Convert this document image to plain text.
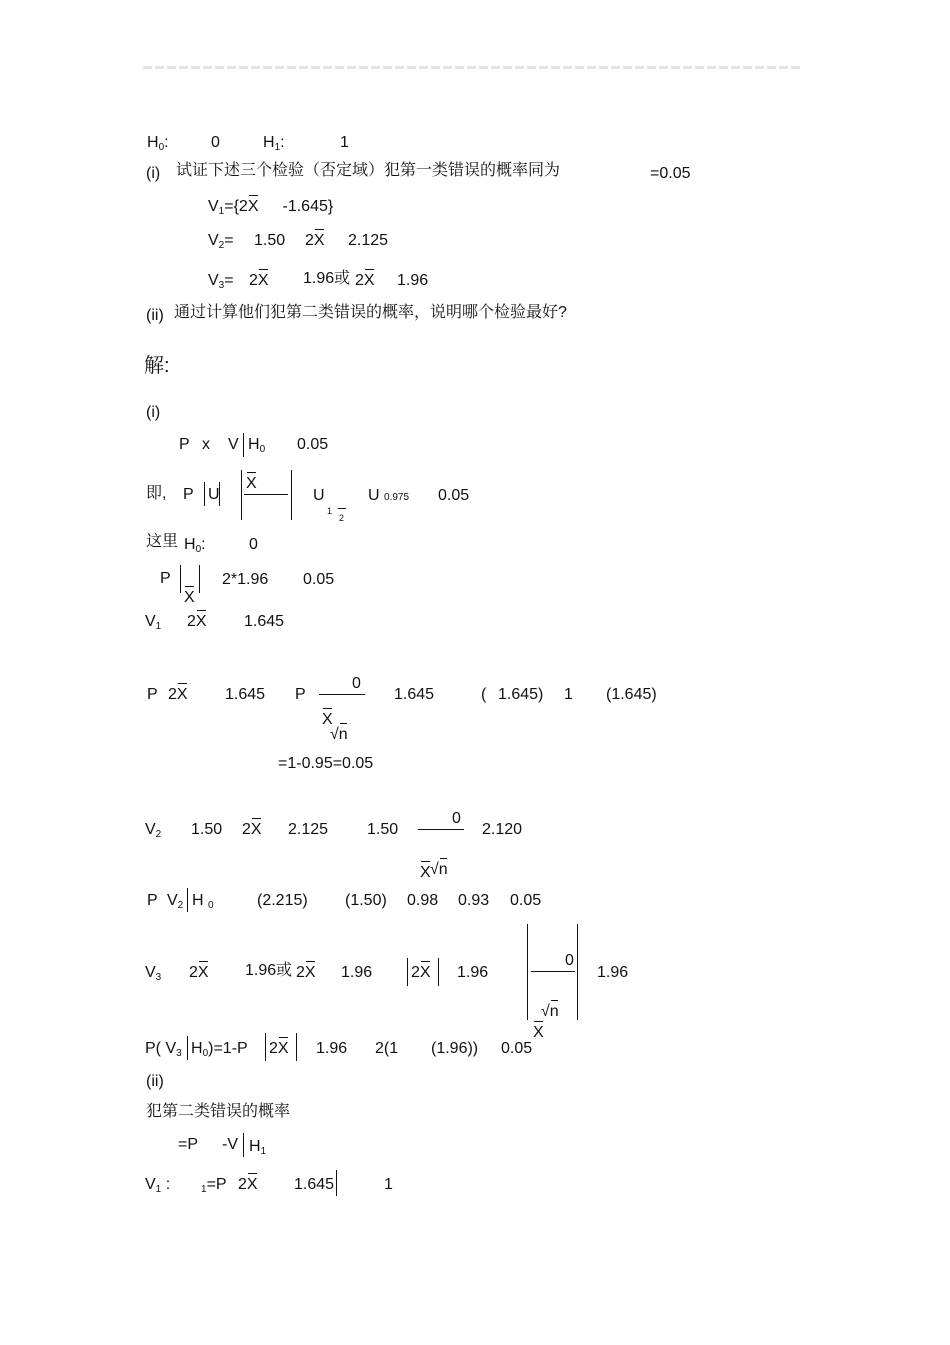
H0:	0	H1:	1
(i) 试证下述三个检验（否定域）犯第一类错误的概率同为	=0.05
V1={2X -1.645}
V2= 1.50 2X 2.125
V3= 2X 1.96或 2X 1.96
(ii) 通过计算他们犯第二类错误的概率，说明哪个检验最好?
解:
(i)
P x V H0 0.05
即, P U
X
U
1
2
U 0.975 0.05
这里 H0:	0
P
X
2*1.96 0.05
V1 2X 1.645
P 2X 1.645 P
X
0
√n
1.645	( 1.645) 1 (1.645)
=1-0.95=0.05
V2 1.50 2X 2.125 1.50
X
0
√n
2.120
P V2 H 0	(2.215) (1.50) 0.98 0.93 0.05
V3 2X 1.96或 2X 1.96 2X 1.96
X
0
√n
1.96
P( V3 H0)=1-P 2X 1.96 2(1 (1.96)) 0.05
(ii)
犯第二类错误的概率
=P -V H1
V1 :	1=P 2X 1.645	1
